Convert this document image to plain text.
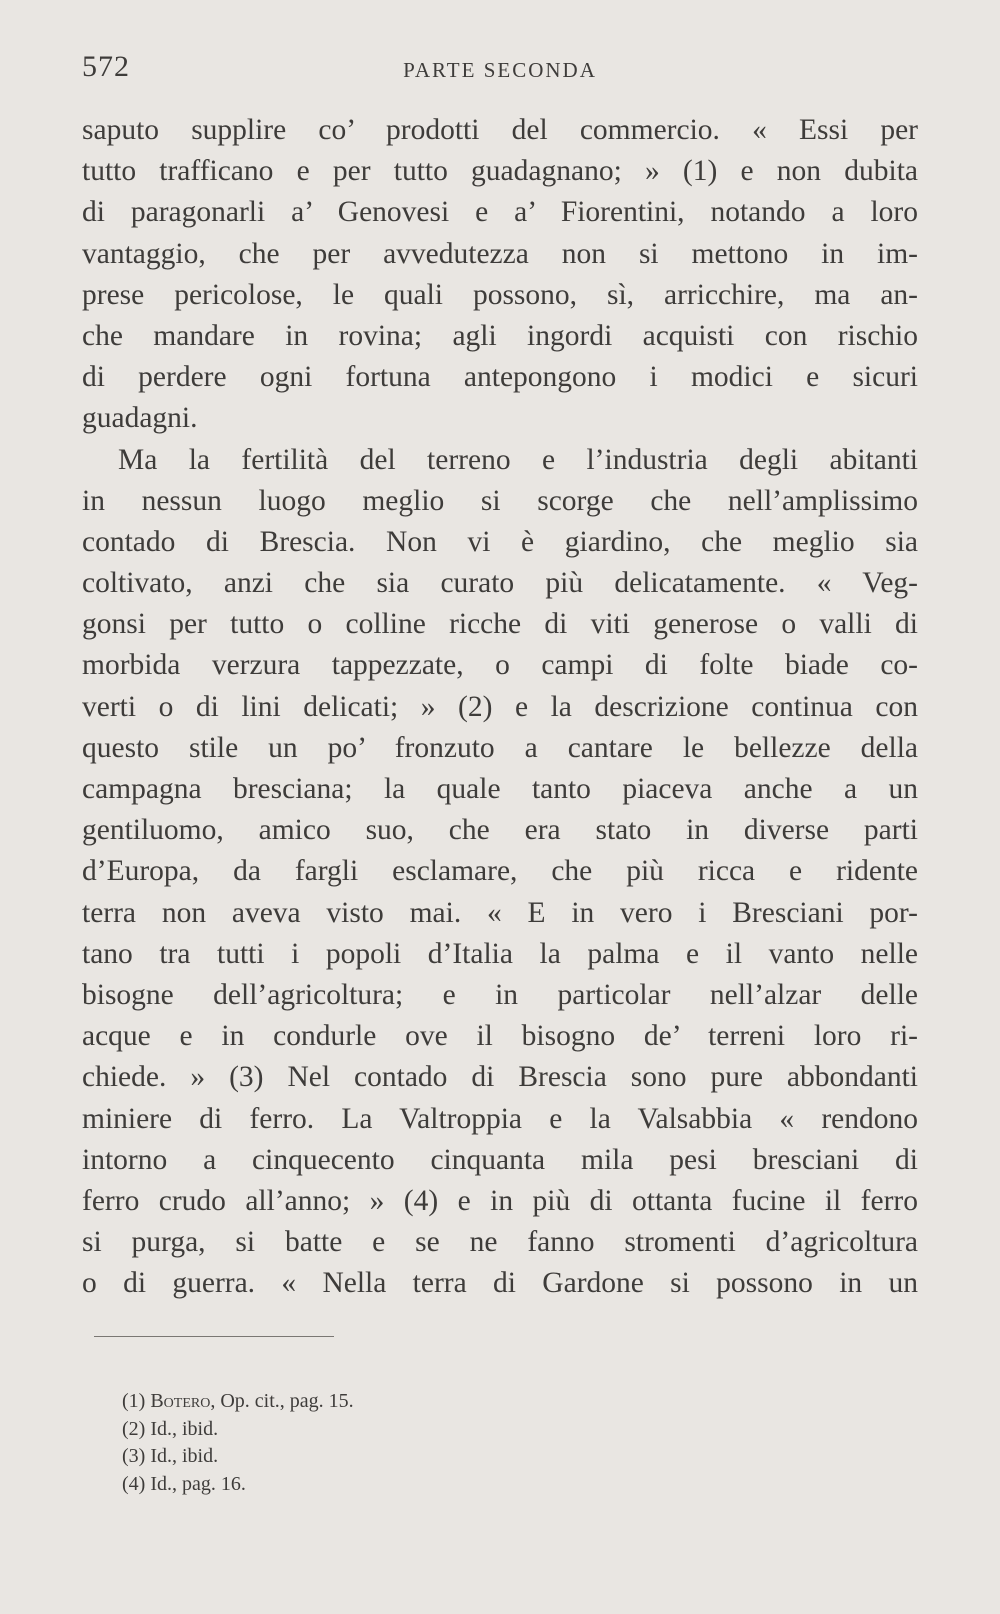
572	PARTE SECONDA
saputo supplire co’ prodotti del commercio. « Essi per
tutto trafficano e per tutto guadagnano; » (1) e non dubita
di paragonarli a’ Genovesi e a’ Fiorentini, notando a loro
vantaggio, che per avvedutezza non si mettono in im-
prese pericolose, le quali possono, sì, arricchire, ma an-
che mandare in rovina; agli ingordi acquisti con rischio
di perdere ogni fortuna antepongono i modici e sicuri
guadagni.
Ma la fertilità del terreno e l’industria degli abitanti
in nessun luogo meglio si scorge che nell’amplissimo
contado di Brescia. Non vi è giardino, che meglio sia
coltivato, anzi che sia curato più delicatamente. « Veg-
gonsi per tutto o colline ricche di viti generose o valli di
morbida verzura tappezzate, o campi di folte biade co-
verti o di lini delicati; » (2) e la descrizione continua con
questo stile un po’ fronzuto a cantare le bellezze della
campagna bresciana; la quale tanto piaceva anche a un
gentiluomo, amico suo, che era stato in diverse parti
d’Europa, da fargli esclamare, che più ricca e ridente
terra non aveva visto mai. « E in vero i Bresciani por-
tano tra tutti i popoli d’Italia la palma e il vanto nelle
bisogne dell’agricoltura; e in particolar nell’alzar delle
acque e in condurle ove il bisogno de’ terreni loro ri-
chiede. » (3) Nel contado di Brescia sono pure abbondanti
miniere di ferro. La Valtroppia e la Valsabbia « rendono
intorno a cinquecento cinquanta mila pesi bresciani di
ferro crudo all’anno; » (4) e in più di ottanta fucine il ferro
si purga, si batte e se ne fanno stromenti d’agricoltura
o di guerra. « Nella terra di Gardone si possono in un
(1) Botero, Op. cit., pag. 15.
(2) Id., ibid.
(3) Id., ibid.
(4) Id., pag. 16.
